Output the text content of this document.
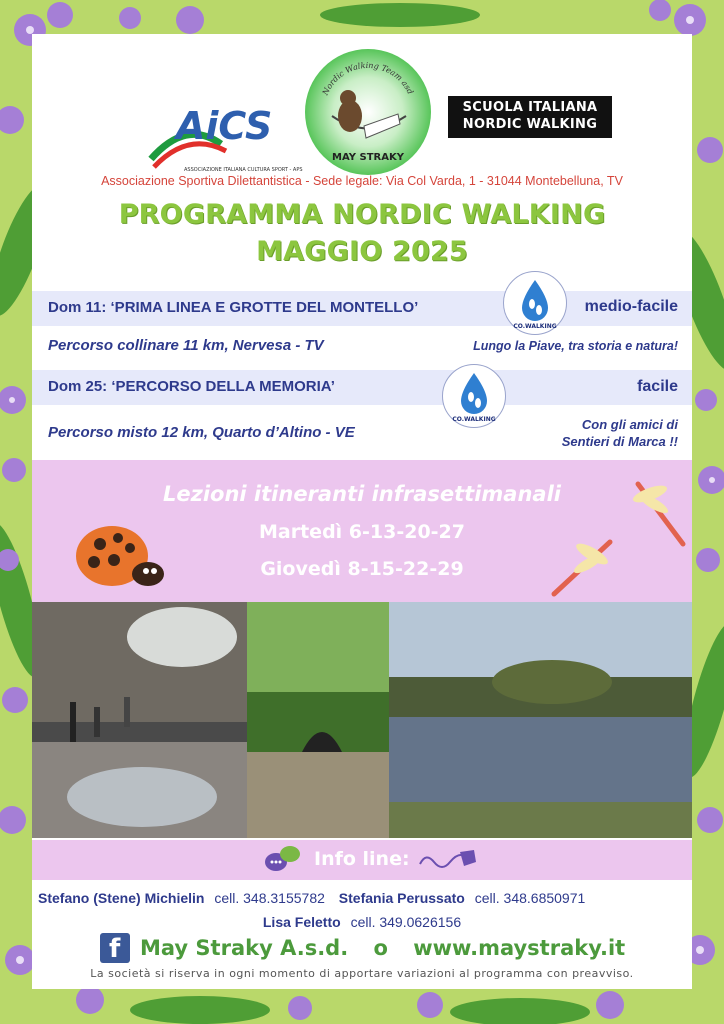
AiCS
ASSOCIAZIONE ITALIANA CULTURA SPORT - APS
Nordic Walking Team asd
MAY STRAKY
SCUOLA ITALIANA
NORDIC WALKING
Associazione Sportiva Dilettantistica - Sede legale: Via Col Varda, 1 - 31044 Montebelluna, TV
PROGRAMMA NORDIC WALKING
MAGGIO 2025
Dom 11: ‘PRIMA LINEA E GROTTE DEL MONTELLO’
CO.WALKING
medio-facile
Percorso collinare 11 km, Nervesa - TV	Lungo la Piave, tra storia e natura!
Dom 25: ‘PERCORSO DELLA MEMORIA’
CO.WALKING
facile
Percorso misto 12 km, Quarto d’Altino - VE	Con gli amici di
Sentieri di Marca !!
Lezioni itineranti infrasettimanali
Martedì 6-13-20-27
Giovedì 8-15-22-29
Info line:
Stefano (Stene) Michielin cell. 348.3155782 Stefania Perussato cell. 348.6850971
Lisa Feletto cell. 349.0626156
f May Straky A.s.d. o www.maystraky.it
La società si riserva in ogni momento di apportare variazioni al programma con preavviso.
